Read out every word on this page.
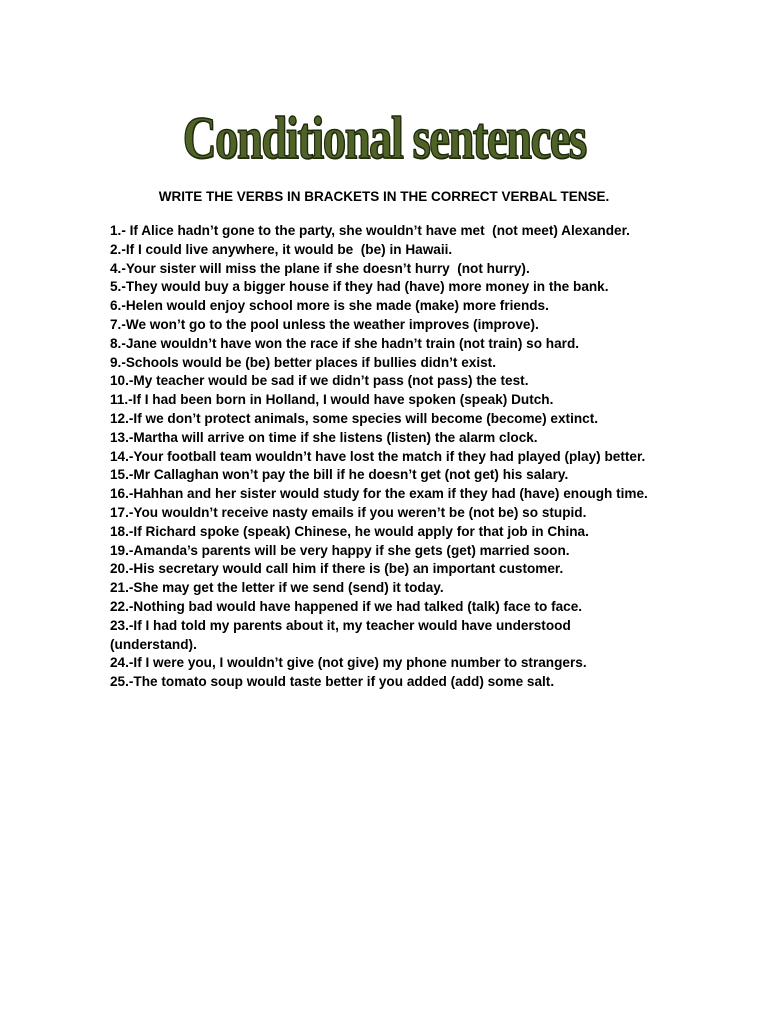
Conditional sentences
WRITE THE VERBS IN BRACKETS IN THE CORRECT VERBAL TENSE.
1.- If Alice hadn’t gone to the party, she wouldn’t have met  (not meet) Alexander.
2.-If I could live anywhere, it would be  (be) in Hawaii.
4.-Your sister will miss the plane if she doesn’t hurry  (not hurry).
5.-They would buy a bigger house if they had (have) more money in the bank.
6.-Helen would enjoy school more is she made (make) more friends.
7.-We won’t go to the pool unless the weather improves (improve).
8.-Jane wouldn’t have won the race if she hadn’t train (not train) so hard.
9.-Schools would be (be) better places if bullies didn’t exist.
10.-My teacher would be sad if we didn’t pass (not pass) the test.
11.-If I had been born in Holland, I would have spoken (speak) Dutch.
12.-If we don’t protect animals, some species will become (become) extinct.
13.-Martha will arrive on time if she listens (listen) the alarm clock.
14.-Your football team wouldn’t have lost the match if they had played (play) better.
15.-Mr Callaghan won’t pay the bill if he doesn’t get (not get) his salary.
16.-Hahhan and her sister would study for the exam if they had (have) enough time.
17.-You wouldn’t receive nasty emails if you weren’t be (not be) so stupid.
18.-If Richard spoke (speak) Chinese, he would apply for that job in China.
19.-Amanda’s parents will be very happy if she gets (get) married soon.
20.-His secretary would call him if there is (be) an important customer.
21.-She may get the letter if we send (send) it today.
22.-Nothing bad would have happened if we had talked (talk) face to face.
23.-If I had told my parents about it, my teacher would have understood (understand).
24.-If I were you, I wouldn’t give (not give) my phone number to strangers.
25.-The tomato soup would taste better if you added (add) some salt.
